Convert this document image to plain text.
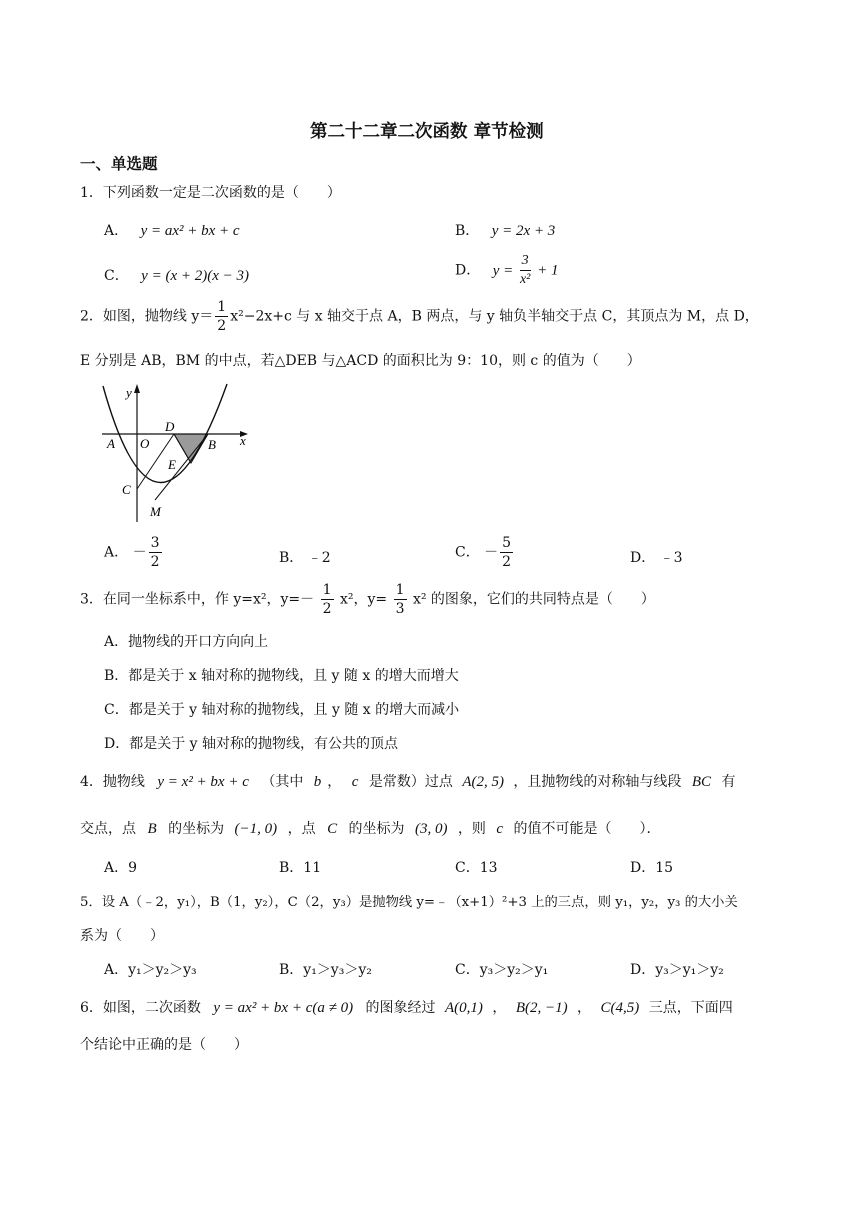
第二十二章二次函数 章节检测
一、单选题
1．下列函数一定是二次函数的是（　　）
A． y = ax² + bx + c	B． y = 2x + 3
C． y = (x + 2)(x − 3)	D． $y = \frac{3}{\text{x²}} + 1$
2．如图，抛物线 $y= \frac{1}{2} x^2-2x+c$ 与 x 轴交于点 A，B 两点，与 y 轴负半轴交于点 C，其顶点为 M，点 D，
E 分别是 AB，BM 的中点，若△DEB 与△ACD 的面积比为 9：10，则 c 的值为（　　）
y
x
A O
D
B
E
C
M
A． － $\frac{3}{2}$	B． ﹣2	C． － $\frac{5}{2}$	D． ﹣3
3．在同一坐标系中，作 y=x²，$y=- \frac{1}{2} x^2$，$y= \frac{1}{3} x^2$ 的图象，它们的共同特点是（　　）
A．抛物线的开口方向向上
B．都是关于 x 轴对称的抛物线，且 y 随 x 的增大而增大
C．都是关于 y 轴对称的抛物线，且 y 随 x 的增大而减小
D．都是关于 y 轴对称的抛物线，有公共的顶点
4．抛物线 y = x² + bx + c （其中 b ， c 是常数）过点 A(2, 5) ，且抛物线的对称轴与线段 BC 有
交点，点 B 的坐标为 (−1, 0) ，点 C 的坐标为 (3, 0) ，则 c 的值不可能是（　　）．
A．9	B．11	C．13	D．15
5．设 A（﹣2，y₁），B（1，y₂），C（2，y₃）是抛物线 y=﹣（x+1）²+3 上的三点，则 y₁，y₂，y₃ 的大小关
系为（　　）
A．y₁＞y₂＞y₃	B．y₁＞y₃＞y₂	C．y₃＞y₂＞y₁	D．y₃＞y₁＞y₂
6．如图，二次函数 y = ax² + bx + c(a ≠ 0) 的图象经过 A(0,1) ， B(2, −1) ， C(4,5) 三点，下面四
个结论中正确的是（　　）
